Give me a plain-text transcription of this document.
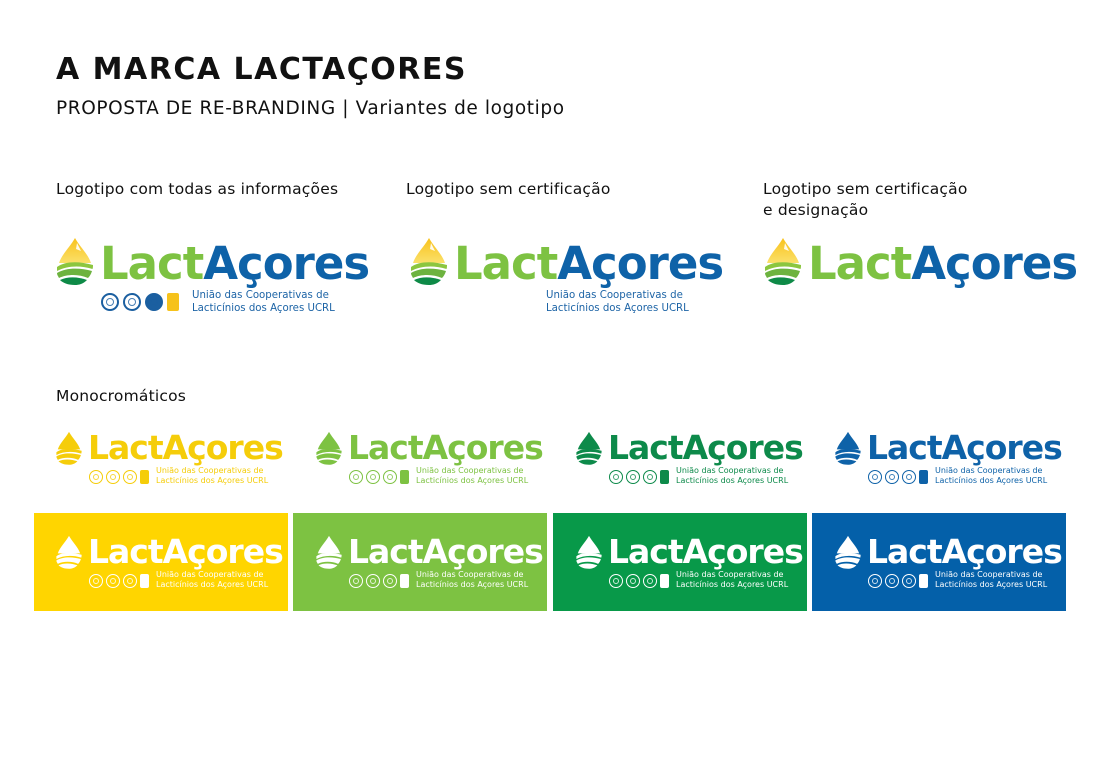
A MARCA LACTAÇORES
PROPOSTA DE RE-BRANDING | Variantes de logotipo
Logotipo com todas as informações	Logotipo sem certificação	Logotipo sem certificação
e designação
Monocromáticos
LactAçores
União das Cooperativas de
Lacticínios dos Açores UCRL
LactAçores
União das Cooperativas de
Lacticínios dos Açores UCRL
LactAçores
LactAçores
União das Cooperativas de
Lacticínios dos Açores UCRL
LactAçores
União das Cooperativas de
Lacticínios dos Açores UCRL
LactAçores
União das Cooperativas de
Lacticínios dos Açores UCRL
LactAçores
União das Cooperativas de
Lacticínios dos Açores UCRL
LactAçores
União das Cooperativas de
Lacticínios dos Açores UCRL
LactAçores
União das Cooperativas de
Lacticínios dos Açores UCRL
LactAçores
União das Cooperativas de
Lacticínios dos Açores UCRL
LactAçores
União das Cooperativas de
Lacticínios dos Açores UCRL
